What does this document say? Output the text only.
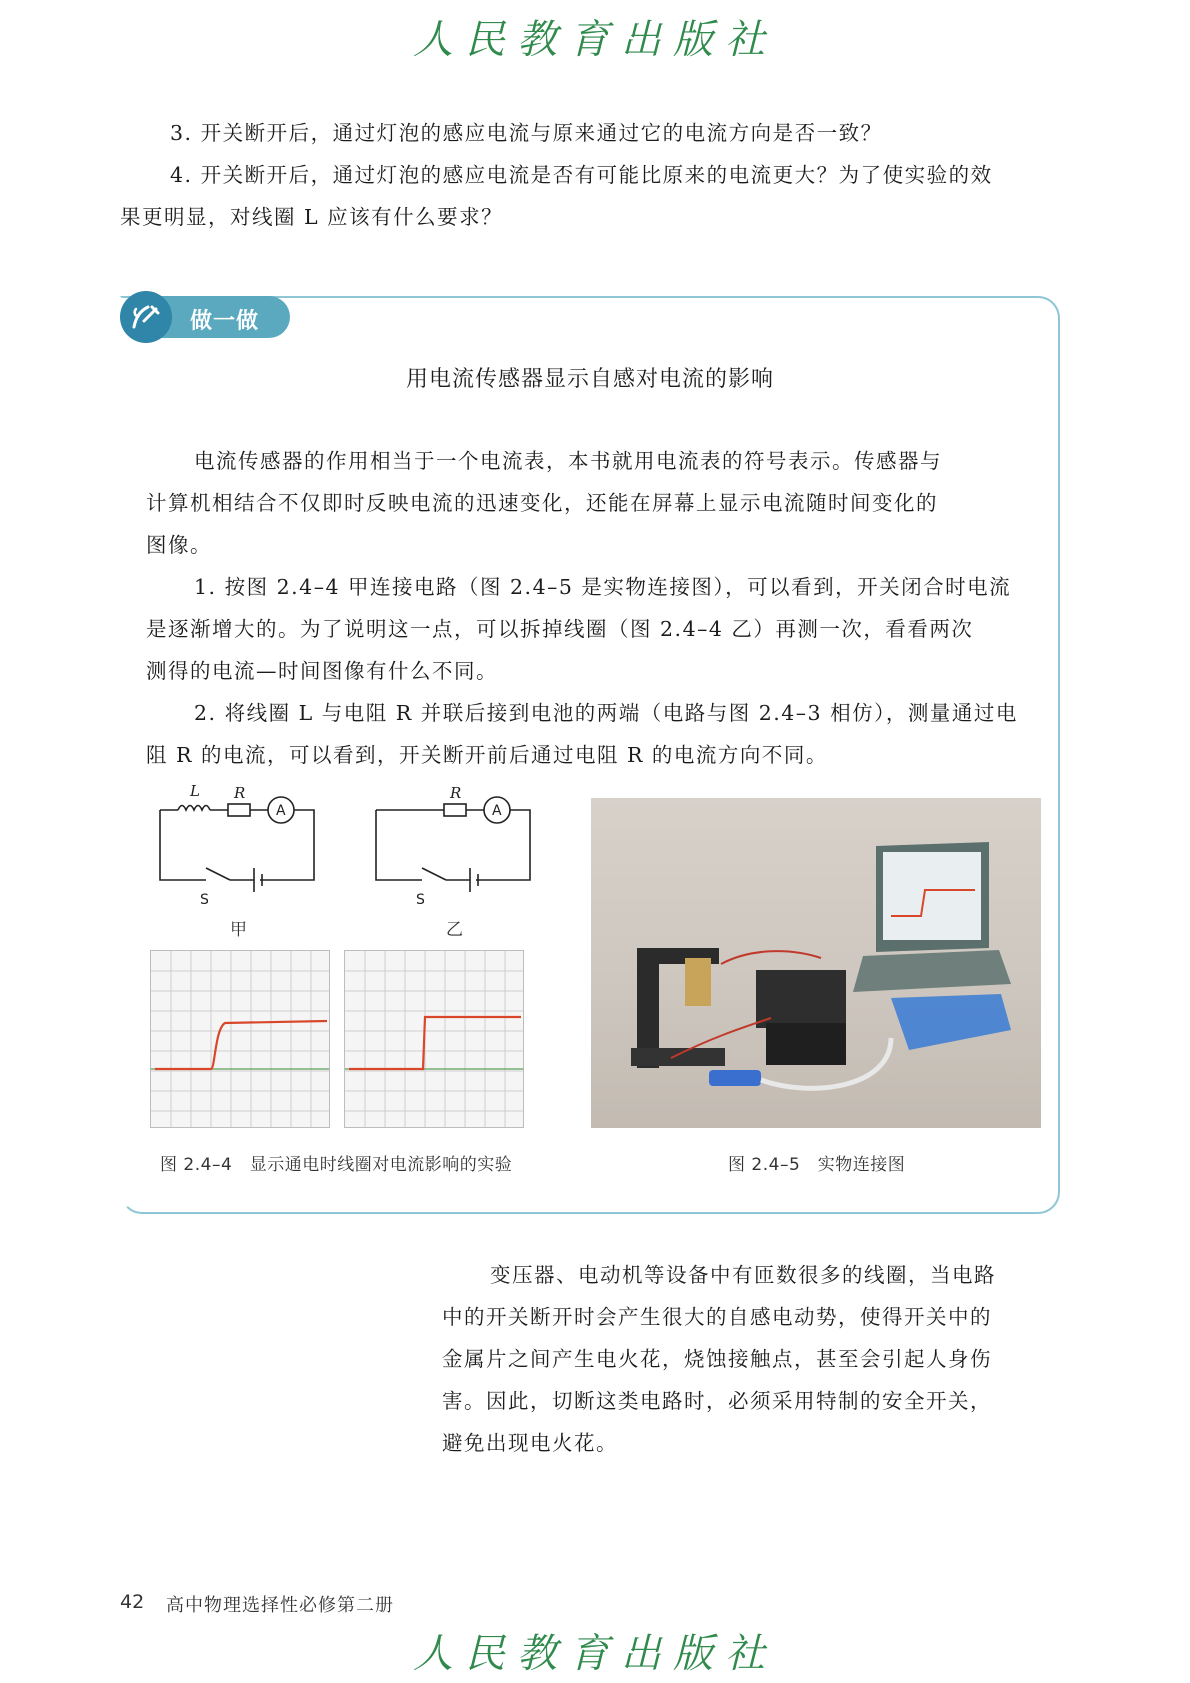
人民教育出版社
3. 开关断开后，通过灯泡的感应电流与原来通过它的电流方向是否一致？
4. 开关断开后，通过灯泡的感应电流是否有可能比原来的电流更大？为了使实验的效
果更明显，对线圈 L 应该有什么要求？
做一做
用电流传感器显示自感对电流的影响
电流传感器的作用相当于一个电流表，本书就用电流表的符号表示。传感器与
计算机相结合不仅即时反映电流的迅速变化，还能在屏幕上显示电流随时间变化的
图像。
1. 按图 2.4–4 甲连接电路（图 2.4–5 是实物连接图），可以看到，开关闭合时电流
是逐渐增大的。为了说明这一点，可以拆掉线圈（图 2.4–4 乙）再测一次，看看两次
测得的电流—时间图像有什么不同。
2. 将线圈 L 与电阻 R 并联后接到电池的两端（电路与图 2.4–3 相仿），测量通过电
阻 R 的电流，可以看到，开关断开前后通过电阻 R 的电流方向不同。
L R
A
S
甲
R
A
S
乙
图 2.4–4　显示通电时线圈对电流影响的实验	图 2.4–5　实物连接图
变压器、电动机等设备中有匝数很多的线圈，当电路
中的开关断开时会产生很大的自感电动势，使得开关中的
金属片之间产生电火花，烧蚀接触点，甚至会引起人身伤
害。因此，切断这类电路时，必须采用特制的安全开关，
避免出现电火花。
42 高中物理选择性必修第二册
人民教育出版社
